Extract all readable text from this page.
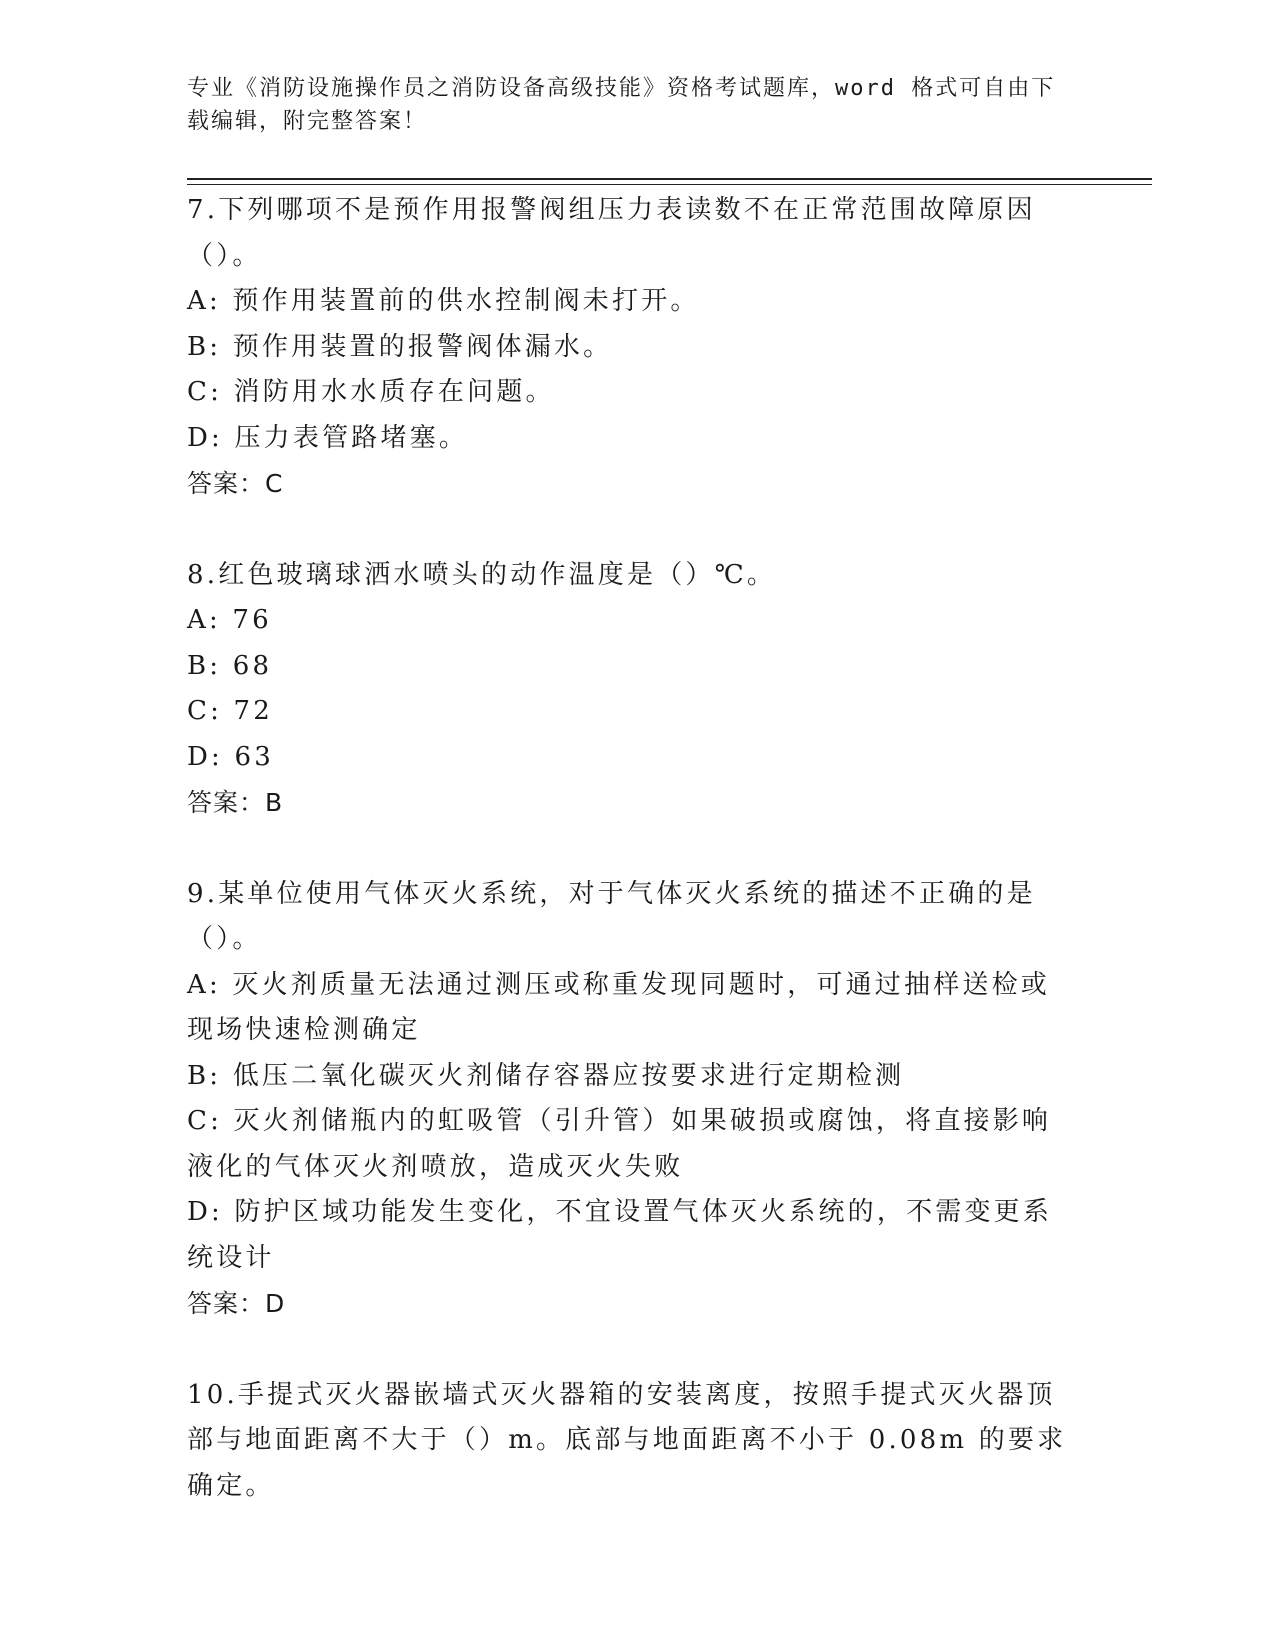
专业《消防设施操作员之消防设备高级技能》资格考试题库，word 格式可自由下
载编辑，附完整答案！

7.下列哪项不是预作用报警阀组压力表读数不在正常范围故障原因（）。

A: 预作用装置前的供水控制阀未打开。

B: 预作用装置的报警阀体漏水。

C: 消防用水水质存在问题。

D: 压力表管路堵塞。

答案：C

8.红色玻璃球洒水喷头的动作温度是（）℃。

A: 76

B: 68

C: 72

D: 63

答案：B

9.某单位使用气体灭火系统，对于气体灭火系统的描述不正确的是（）。

A: 灭火剂质量无法通过测压或称重发现同题时，可通过抽样送检或现场快速检测确定

B: 低压二氧化碳灭火剂储存容器应按要求进行定期检测

C: 灭火剂储瓶内的虹吸管（引升管）如果破损或腐蚀，将直接影响液化的气体灭火剂喷放，造成灭火失败

D: 防护区域功能发生变化，不宜设置气体灭火系统的，不需变更系统设计

答案：D

10.手提式灭火器嵌墙式灭火器箱的安装离度，按照手提式灭火器顶部与地面距离不大于（）m。底部与地面距离不小于 0.08m 的要求确定。
